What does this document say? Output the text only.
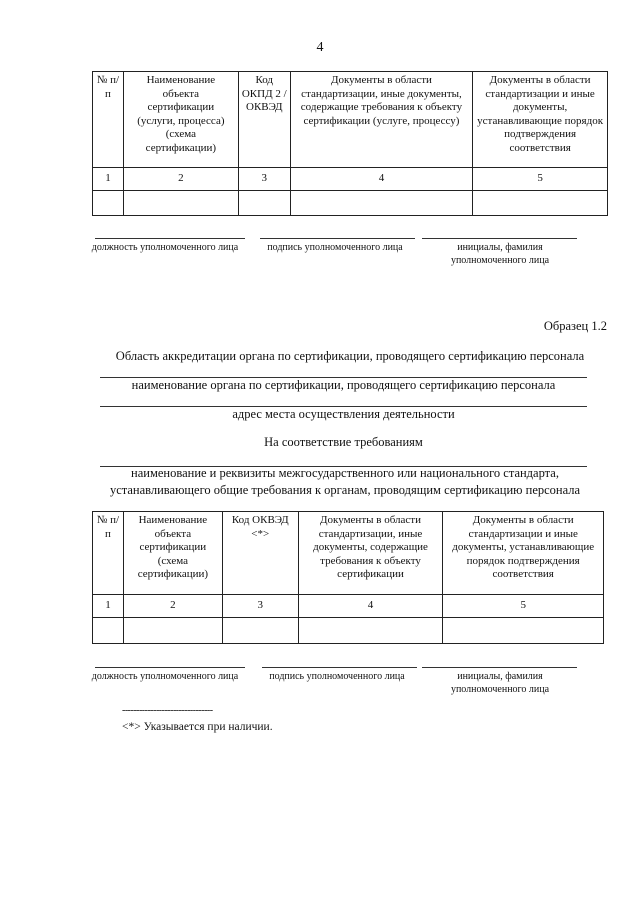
4
№ п/п	Наименование объекта сертификации (услуги, процесса) (схема сертификации)	Код ОКПД 2 / ОКВЭД	Документы в области стандартизации, иные документы, содержащие требования к объекту сертификации (услуге, процессу)	Документы в области стандартизации и иные документы, устанавливающие порядок подтверждения соответствия
1	2	3	4	5

должность уполномоченного лица	подпись уполномоченного лица	инициалы, фамилия уполномоченного лица
Образец 1.2
Область аккредитации органа по сертификации, проводящего сертификацию персонала
наименование органа по сертификации, проводящего сертификацию персонала
адрес места осуществления деятельности
На соответствие требованиям
наименование и реквизиты межгосударственного или национального стандарта, устанавливающего общие требования к органам, проводящим сертификацию персонала
№ п/п	Наименование объекта сертификации (схема сертификации)	Код ОКВЭД <*>	Документы в области стандартизации, иные документы, содержащие требования к объекту сертификации	Документы в области стандартизации и иные документы, устанавливающие порядок подтверждения соответствия
1	2	3	4	5

должность уполномоченного лица	подпись уполномоченного лица	инициалы, фамилия уполномоченного лица
--------------------------------
<*> Указывается при наличии.
